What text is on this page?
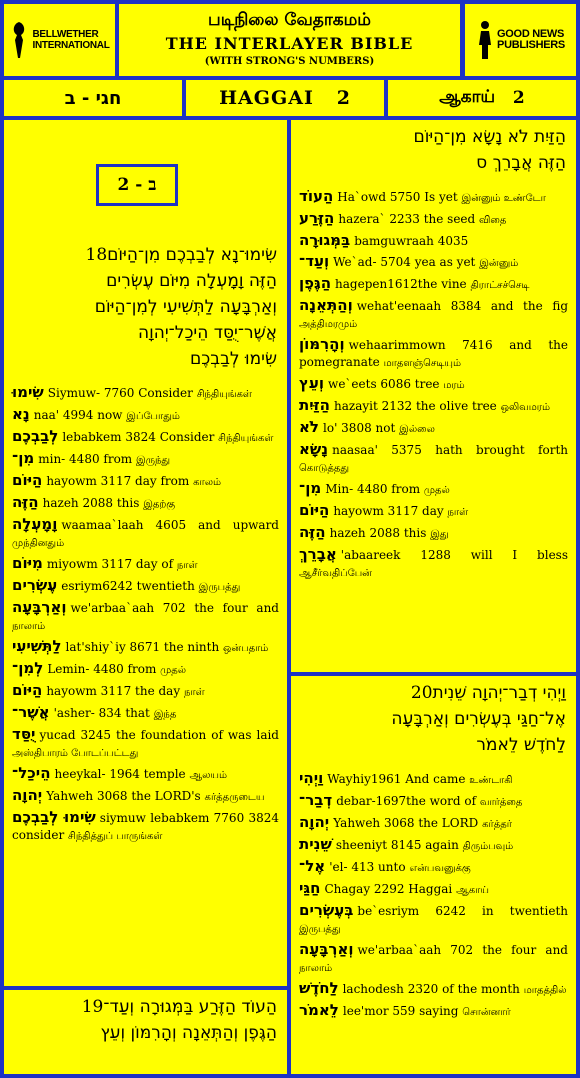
BELLWETHER
INTERNATIONAL
படிநிலை வேதாகமம்
THE INTERLAYER BIBLE
(WITH STRONG'S NUMBERS)
GOOD NEWS
PUBLISHERS
חגי - ב	HAGGAI
2	ஆகாய்
2
ב - 2
שִׂימוּ־נָא לְבַבְכֶם מִן־הַיּוֹם18
הַזֶּה וָמָעְלָה מִיּוֹם עֶשְׂרִים
וְאַרְבָּעָה לַתְּשִׁיעִי לְמִן־הַיּוֹם
אֲשֶׁר־יֻסַּד הֵיכַל־יְהוָה
שִׂימוּ לְבַבְכֶם
שִׂימוּ Siymuw- 7760 Consider சிந்தியுங்கள்
נָא naa' 4994 now இப்போதும்
לְבַבְכֶם lebabkem 3824 Consider சிந்தியுங்கள்
מִן־ min- 4480 from இருந்து
הַיּוֹם hayowm 3117 day from காலம்
הַזֶּה hazeh 2088 this இதற்கு
וָמָעְלָה waamaa`laah 4605 and upward முந்தினதும்
מִיּוֹם miyowm 3117 day of நாள்
עֶשְׂרִים esriym6242 twentieth இருபத்து
וְאַרְבָּעָה we'arbaa`aah 702 the four and நாலாம்
לַתְּשִׁיעִי lat'shiy`iy 8671 the ninth ஒன்பதாம்
לְמִן־ Lemin- 4480 from முதல்
הַיּוֹם hayowm 3117 the day நாள்
אֲשֶׁר־ 'asher- 834 that இந்த
יֻסַּד yucad 3245 the foundation of was laid அஸ்திபாரம் போடப்பட்டது
הֵיכַל־ heeykal- 1964 temple ஆலயம்
יְהוָה Yahweh 3068 the LORD's கர்த்தருடைய
שִׂימוּ לְבַבְכֶם siymuw lebabkem 7760 3824 consider சிந்தித்துப் பாருங்கள்
הַעוֹד הַזֶּרַע בַּמְּגוּרָה וְעַד־19
הַגֶּפֶן וְהַתְּאֵנָה וְהָרִמּוֹן וְעֵץ
הַזַּיִת לֹא נָשָׂא מִן־הַיּוֹם
הַזֶּה אֲבָרֵךְ ס
הַעוֹד Ha`owd 5750 Is yet இன்னும் உண்டோ
הַזֶּרַע hazera` 2233 the seed விதை
בַּמְּגוּרָה bamguwraah 4035
וְעַד־ We`ad- 5704 yea as yet இன்னும்
הַגֶּפֶן hagepen1612the vine திராட்சச்செடி
וְהַתְּאֵנָה wehat'eenaah 8384 and the fig அத்திமரமும்
וְהָרִמּוֹן wehaarimmown 7416 and the pomegranate மாதளஞ்செடியும்
וְעֵץ we`eets 6086 tree மரம்
הַזַּיִת hazayit 2132 the olive tree ஒலிவமரம்
לֹא lo' 3808 not இல்லை
נָשָׂא naasaa' 5375 hath brought forth கொடுத்தது
מִן־ Min- 4480 from முதல்
הַיּוֹם hayowm 3117 day நாள்
הַזֶּה hazeh 2088 this இது
אֲבָרֵךְ 'abaareek 1288 will I bless ஆசீர்வதிப்பேன்
וַיְהִי דְבַר־יְהוָה שֵׁנִית20
אֶל־חַגַּי בְּעֶשְׂרִים וְאַרְבָּעָה
לַחֹדֶשׁ לֵאמֹר
וַיְהִי Wayhiy1961 And came உண்டாகி
דְבַר־ debar-1697the word of வார்த்தை
יְהוָה Yahweh 3068 the LORD கர்த்தர்
שֵׁנִית sheeniyt 8145 again திரும்பவும்
אֶל־ 'el- 413 unto என்பவனுக்கு
חַגַּי Chagay 2292 Haggai ஆகாய்
בְּעֶשְׂרִים be`esriym 6242 in twentieth இருபத்து
וְאַרְבָּעָה we'arbaa`aah 702 the four and நாலாம்
לַחֹדֶשׁ lachodesh 2320 of the month மாதத்தில்
לֵאמֹר lee'mor 559 saying சொன்னார்
